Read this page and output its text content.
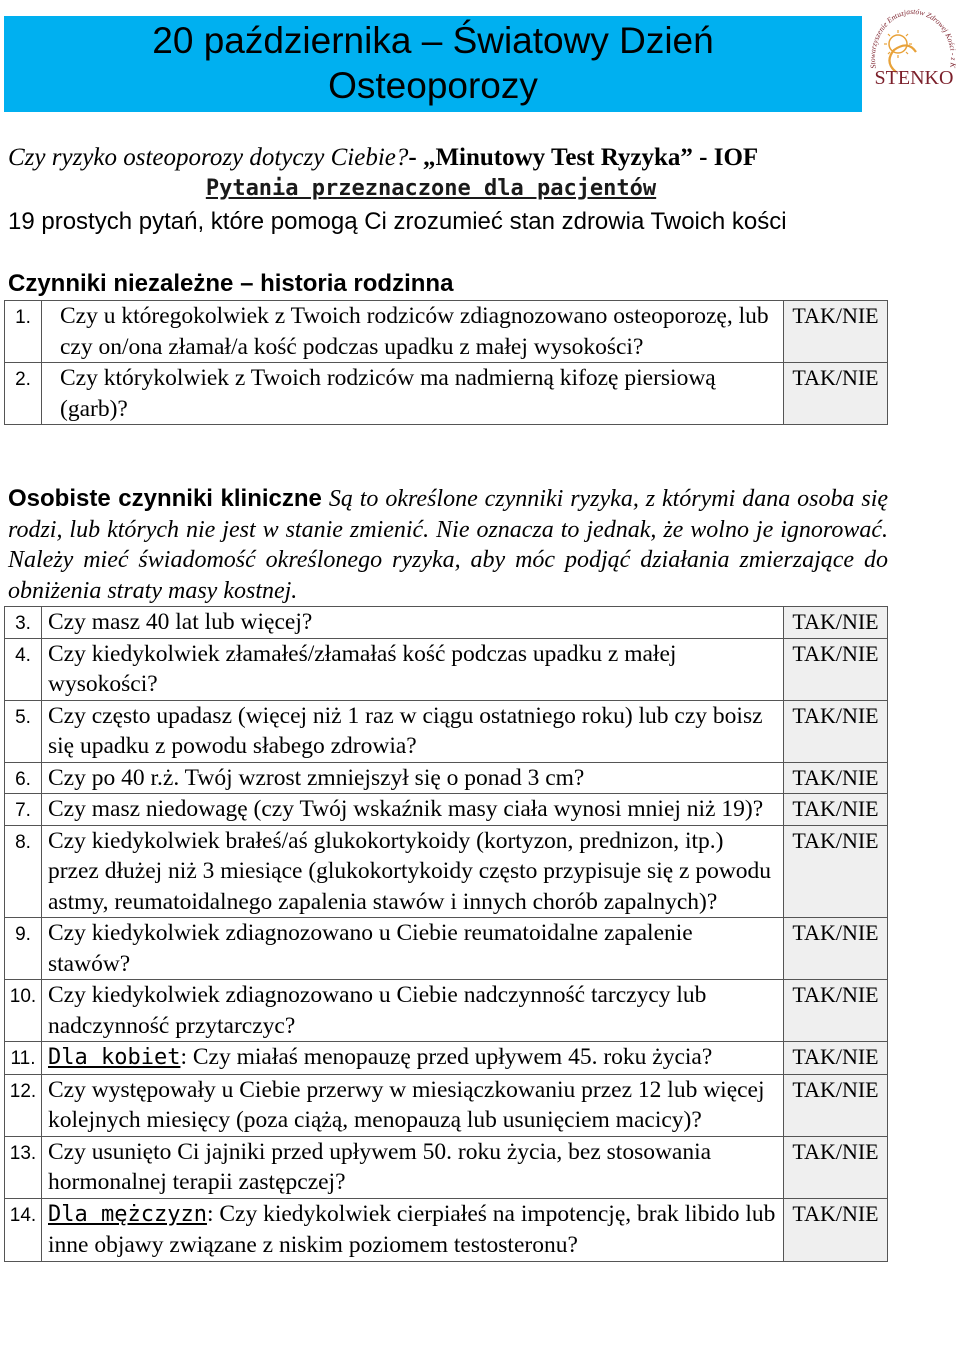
20 października – Światowy Dzień
Osteoporozy	Stowarzyszenie Entuzjastów Zdrowej Kości - z K
STENKO
Czy ryzyko osteoporozy dotyczy Ciebie?- „Minutowy Test Ryzyka” - IOF
Pytania przeznaczone dla pacjentów
19 prostych pytań, które pomogą Ci zrozumieć stan zdrowia Twoich kości
Czynniki niezależne – historia rodzinna
1.	Czy u któregokolwiek z Twoich rodziców zdiagnozowano osteoporozę, lub czy on/ona złamał/a kość podczas upadku z małej wysokości?	TAK/NIE
2.	Czy którykolwiek z Twoich rodziców ma nadmierną kifozę piersiową (garb)?	TAK/NIE
Osobiste czynniki kliniczne Są to określone czynniki ryzyka, z którymi dana osoba się rodzi, lub których nie jest w stanie zmienić. Nie oznacza to jednak, że wolno je ignorować. Należy mieć świadomość określonego ryzyka, aby móc podjąć działania zmierzające do obniżenia straty masy kostnej.
3.	Czy masz 40 lat lub więcej?	TAK/NIE
4.	Czy kiedykolwiek złamałeś/złamałaś kość podczas upadku z małej wysokości?	TAK/NIE
5.	Czy często upadasz (więcej niż 1 raz w ciągu ostatniego roku) lub czy boisz się upadku z powodu słabego zdrowia?	TAK/NIE
6.	Czy po 40 r.ż. Twój wzrost zmniejszył się o ponad 3 cm?	TAK/NIE
7.	Czy masz niedowagę (czy Twój wskaźnik masy ciała wynosi mniej niż 19)?	TAK/NIE
8.	Czy kiedykolwiek brałeś/aś glukokortykoidy (kortyzon, prednizon, itp.) przez dłużej niż 3 miesiące (glukokortykoidy często przypisuje się z powodu astmy, reumatoidalnego zapalenia stawów i innych chorób zapalnych)?	TAK/NIE
9.	Czy kiedykolwiek zdiagnozowano u Ciebie reumatoidalne zapalenie stawów?	TAK/NIE
10.	Czy kiedykolwiek zdiagnozowano u Ciebie nadczynność tarczycy lub nadczynność przytarczyc?	TAK/NIE
11.	Dla kobiet: Czy miałaś menopauzę przed upływem 45. roku życia?	TAK/NIE
12.	Czy występowały u Ciebie przerwy w miesiączkowaniu przez 12 lub więcej kolejnych miesięcy (poza ciążą, menopauzą lub usunięciem macicy)?	TAK/NIE
13.	Czy usunięto Ci jajniki przed upływem 50. roku życia, bez stosowania hormonalnej terapii zastępczej?	TAK/NIE
14.	Dla mężczyzn: Czy kiedykolwiek cierpiałeś na impotencję, brak libido lub inne objawy związane z niskim poziomem testosteronu?	TAK/NIE
